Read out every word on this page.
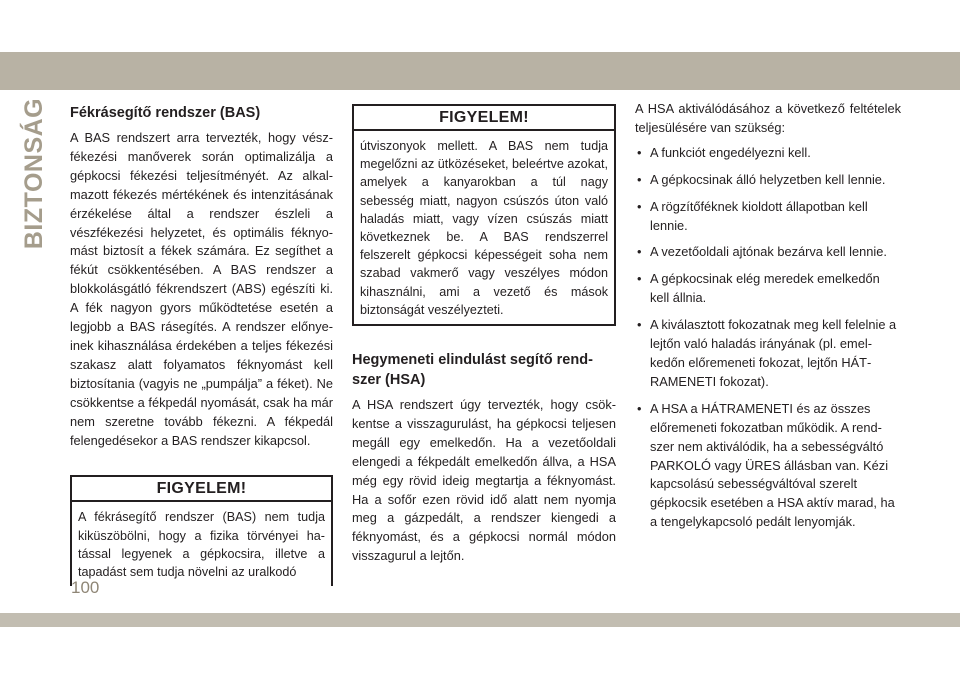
BIZTONSÁG Fékrásegítő rendszer (BAS)

A BAS rendszert arra tervezték, hogy vészfékezési manőverek során optimalizálja a gépkocsi fékezési teljesítményét. Az alkalmazott fékezés mértékének és intenzitásának érzékelése által a rendszer észleli a vészfékezési helyzetet, és optimális féknyomást biztosít a fékek számára. Ez segíthet a fékút csökkentésében. A BAS rendszer a blokkolásgátló fékrendszert (ABS) egészíti ki. A fék nagyon gyors működtetése esetén a legjobb a BAS rásegítés. A rendszer előnyeinek kihasználása érdekében a teljes fékezési szakasz alatt folyamatos féknyomást kell biztosítania (vagyis ne „pumpálja” a féket). Ne csökkentse a fékpedál nyomását, csak ha már nem szeretne tovább fékezni. A fékpedál felengedésekor a BAS rendszer kikapcsol.

FIGYELEM!

A fékrásegítő rendszer (BAS) nem tudja kiküszöbölni, hogy a fizika törvényei hatással legyenek a gépkocsira, illetve a tapadást sem tudja növelni az uralkodó

FIGYELEM!

útviszonyok mellett. A BAS nem tudja megelőzni az ütközéseket, beleértve azokat, amelyek a kanyarokban a túl nagy sebesség miatt, nagyon csúszós úton való haladás miatt, vagy vízen csúszás miatt következnek be. A BAS rendszerrel felszerelt gépkocsi képességeit soha nem szabad vakmerő vagy veszélyes módon kihasználni, ami a vezető és mások biztonságát veszélyezteti.

Hegymeneti elindulást segítő rendszer (HSA)

A HSA rendszert úgy tervezték, hogy csökkentse a visszagurulást, ha gépkocsi teljesen megáll egy emelkedőn. Ha a vezetőoldali elengedi a fékpedált emelkedőn állva, a HSA még egy rövid ideig megtartja a féknyomást. Ha a sofőr ezen rövid idő alatt nem nyomja meg a gázpedált, a rendszer kiengedi a féknyomást, és a gépkocsi normál módon visszagurul a lejtőn.

A HSA aktiválódásához a következő feltételek teljesülésére van szükség:

• A funkciót engedélyezni kell.
• A gépkocsinak álló helyzetben kell lennie.
• A rögzítőféknek kioldott állapotban kell lennie.
• A vezetőoldali ajtónak bezárva kell lennie.
• A gépkocsinak elég meredek emelkedőn kell állnia.
• A kiválasztott fokozatnak meg kell felelnie a lejtőn való haladás irányának (pl. emelkedőn előremeneti fokozat, lejtőn HÁTRAMENETI fokozat).
• A HSA a HÁTRAMENETI és az összes előremeneti fokozatban működik. A rendszer nem aktiválódik, ha a sebességváltó PARKOLÓ vagy ÜRES állásban van. Kézi kapcsolású sebességváltóval szerelt gépkocsik esetében a HSA aktív marad, ha a tengelykapcsoló pedált lenyomják.
100
